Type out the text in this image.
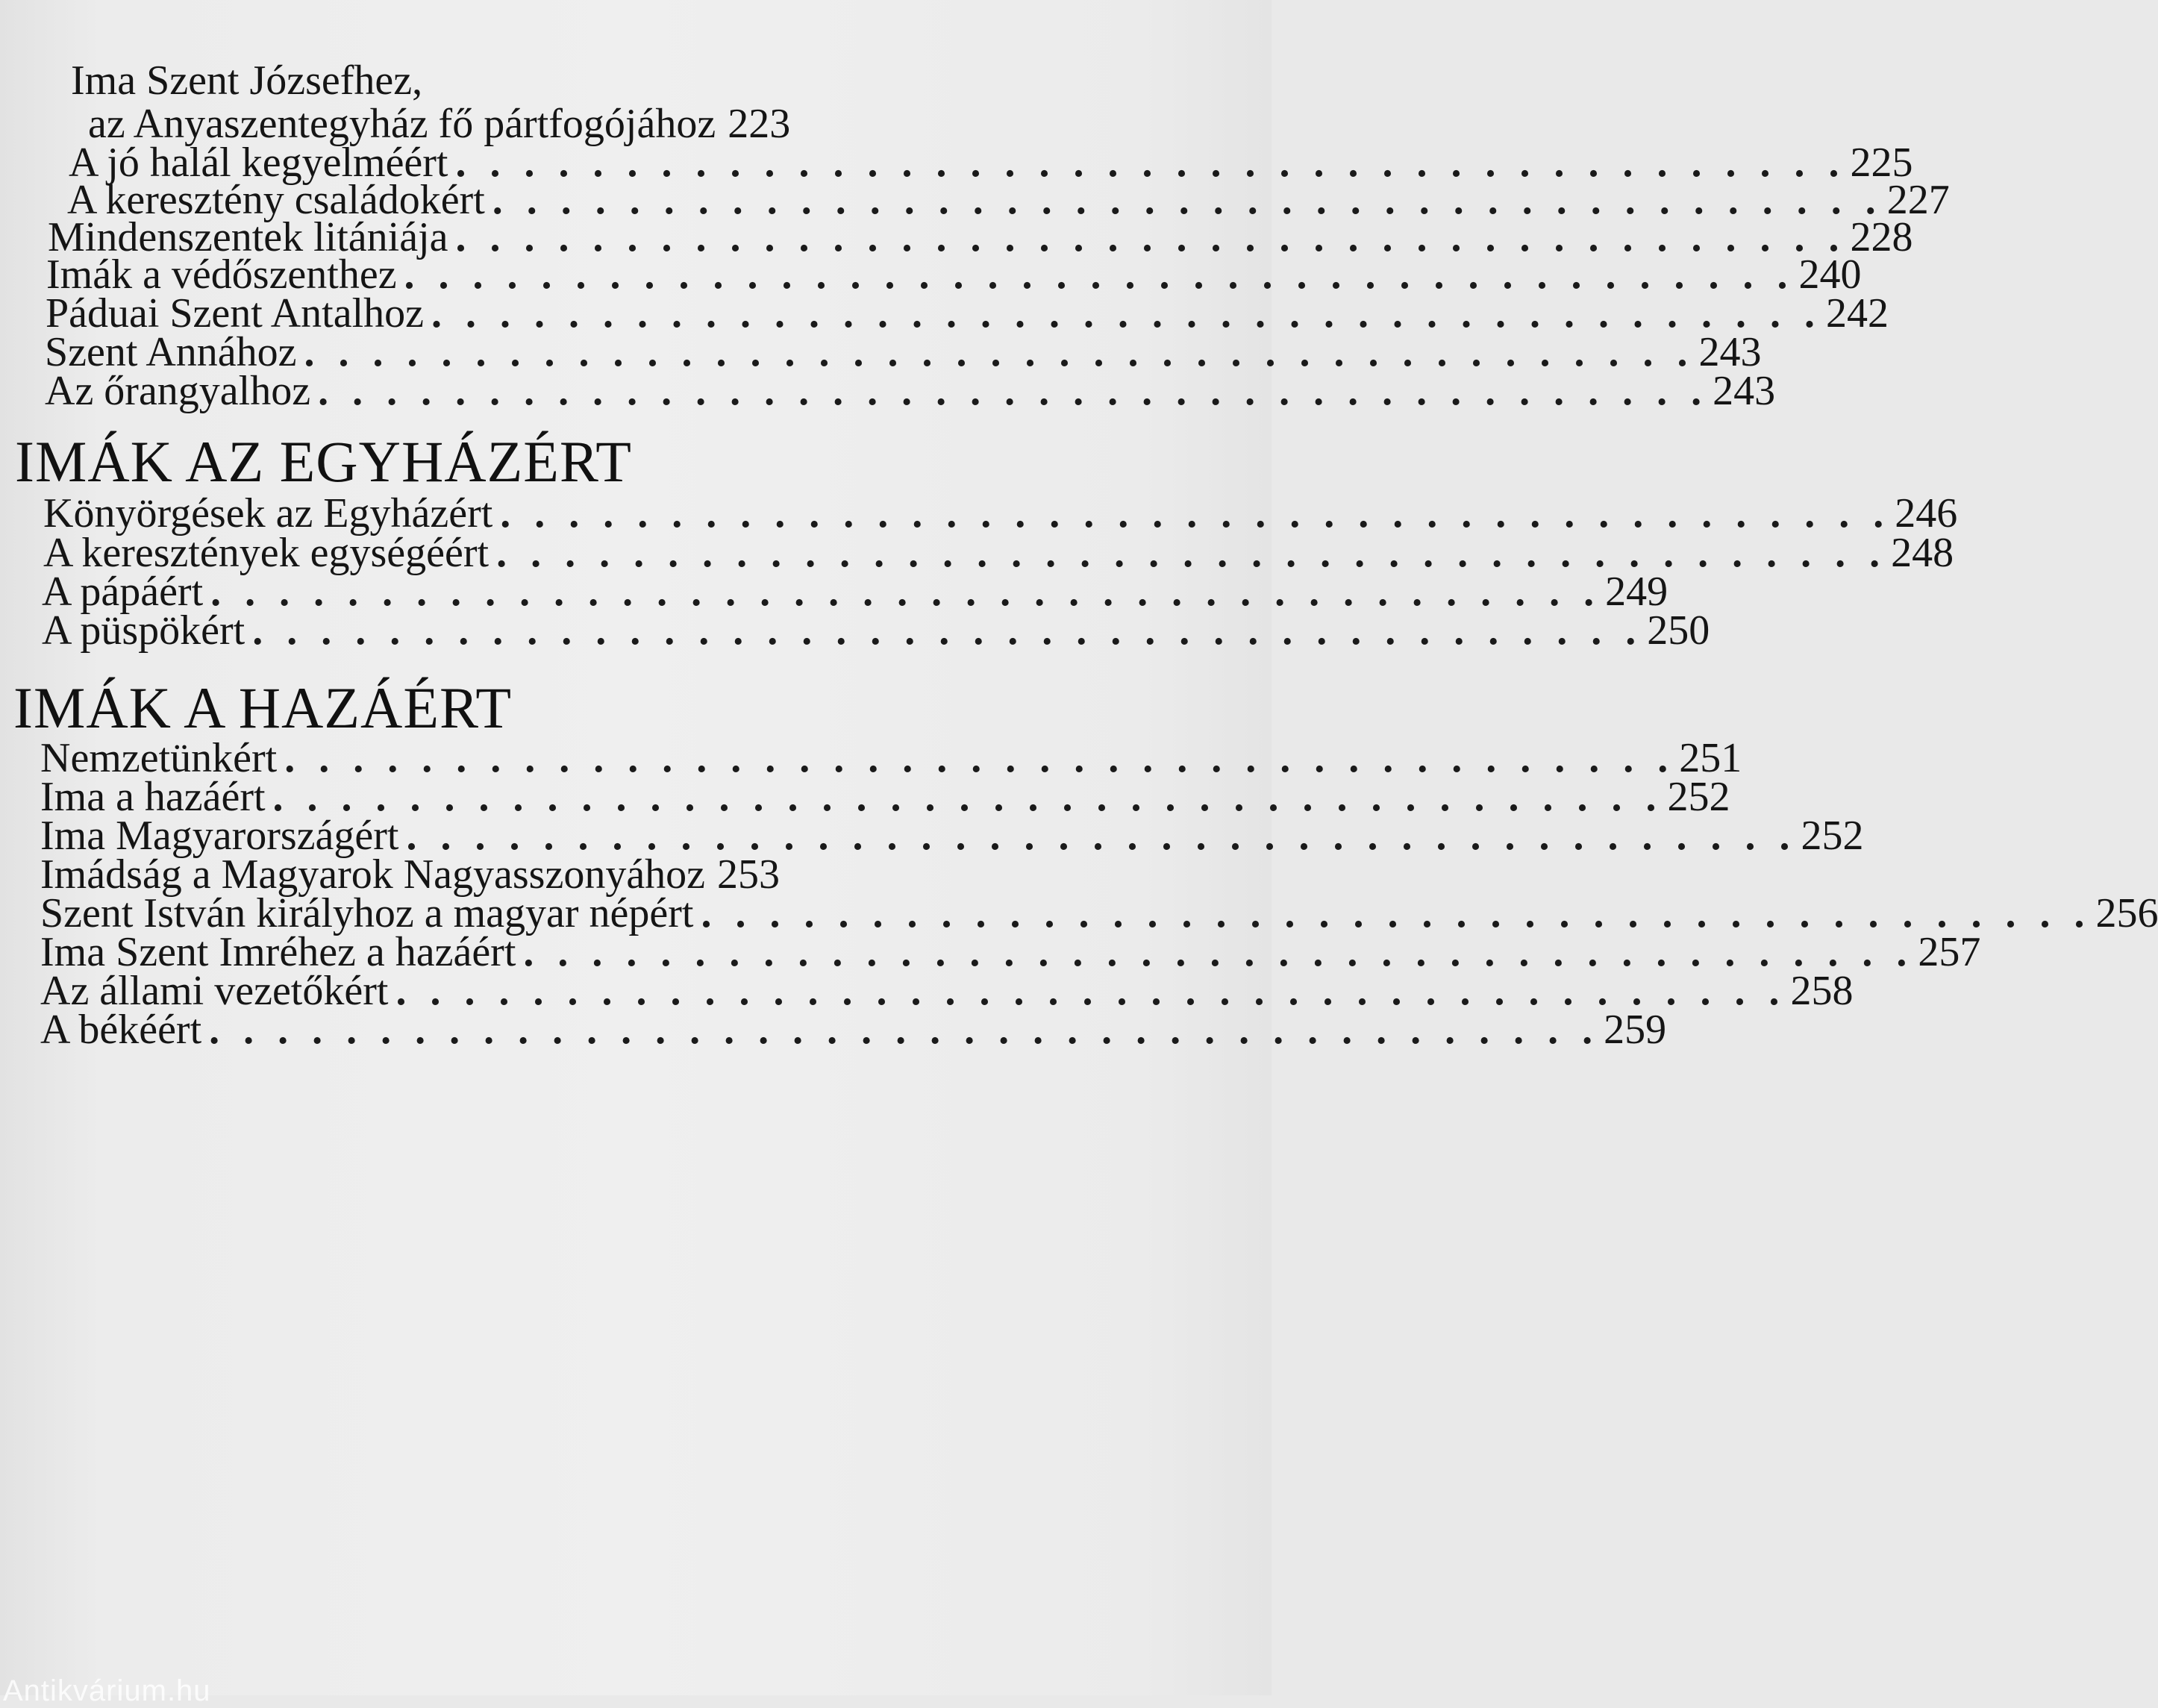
Ima Szent Józsefhez,
az Anyaszentegyház fő pártfogójához 223
A jó halál kegyelméért . . . . . . . . . . . . . . . . . . . . . . . . . . . . . . . . . . . . . . . . . 225
A keresztény családokért . . . . . . . . . . . . . . . . . . . . . . . . . . . . . . . . . . . . . . . . . 227
Mindenszentek litániája . . . . . . . . . . . . . . . . . . . . . . . . . . . . . . . . . . . . . . . . . 228
Imák a védőszenthez . . . . . . . . . . . . . . . . . . . . . . . . . . . . . . . . . . . . . . . . . 240
Páduai Szent Antalhoz . . . . . . . . . . . . . . . . . . . . . . . . . . . . . . . . . . . . . . . . . 242
Szent Annához . . . . . . . . . . . . . . . . . . . . . . . . . . . . . . . . . . . . . . . . . 243
Az őrangyalhoz . . . . . . . . . . . . . . . . . . . . . . . . . . . . . . . . . . . . . . . . . 243
IMÁK AZ EGYHÁZÉRT
Könyörgések az Egyházért . . . . . . . . . . . . . . . . . . . . . . . . . . . . . . . . . . . . . . . . . 246
A keresztények egységéért . . . . . . . . . . . . . . . . . . . . . . . . . . . . . . . . . . . . . . . . . 248
A pápáért . . . . . . . . . . . . . . . . . . . . . . . . . . . . . . . . . . . . . . . . . 249
A püspökért . . . . . . . . . . . . . . . . . . . . . . . . . . . . . . . . . . . . . . . . . 250
IMÁK A HAZÁÉRT
Nemzetünkért . . . . . . . . . . . . . . . . . . . . . . . . . . . . . . . . . . . . . . . . . 251
Ima a hazáért . . . . . . . . . . . . . . . . . . . . . . . . . . . . . . . . . . . . . . . . . 252
Ima Magyarországért . . . . . . . . . . . . . . . . . . . . . . . . . . . . . . . . . . . . . . . . . 252
Imádság a Magyarok Nagyasszonyához 253
Szent István királyhoz a magyar népért . . . . . . . . . . . . . . . . . . . . . . . . . . . . . . . . . . . . . . . . . 256
Ima Szent Imréhez a hazáért . . . . . . . . . . . . . . . . . . . . . . . . . . . . . . . . . . . . . . . . . 257
Az állami vezetőkért . . . . . . . . . . . . . . . . . . . . . . . . . . . . . . . . . . . . . . . . . 258
A békéért . . . . . . . . . . . . . . . . . . . . . . . . . . . . . . . . . . . . . . . . . 259
Antikvárium.hu
